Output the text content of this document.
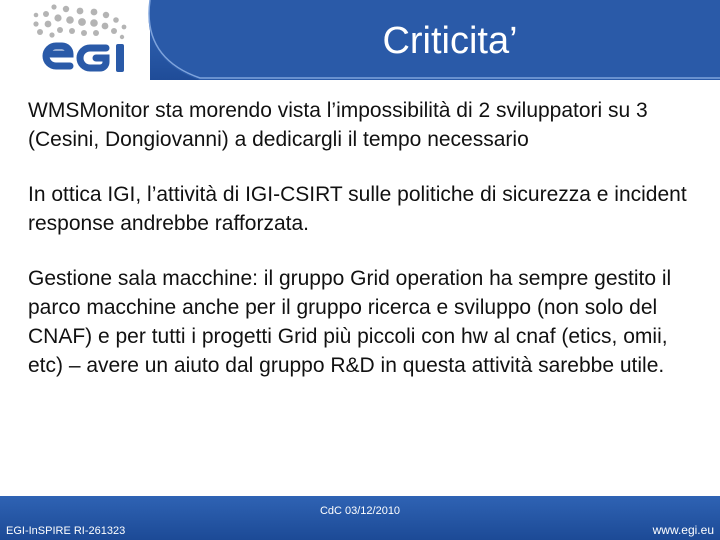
Criticita’

WMSMonitor sta morendo vista l’impossibilità di 2 sviluppatori su 3 (Cesini, Dongiovanni) a dedicargli il tempo necessario

In ottica IGI, l’attività di IGI-CSIRT sulle politiche di sicurezza e incident response andrebbe rafforzata.

Gestione sala macchine: il gruppo Grid operation ha sempre gestito il parco macchine anche per il gruppo ricerca e sviluppo (non solo del CNAF) e per tutti i progetti Grid più piccoli con hw al cnaf (etics, omii, etc) – avere un aiuto dal gruppo R&D in questa attività sarebbe utile.

CdC 03/12/2010
EGI-InSPIRE RI-261323	www.egi.eu
